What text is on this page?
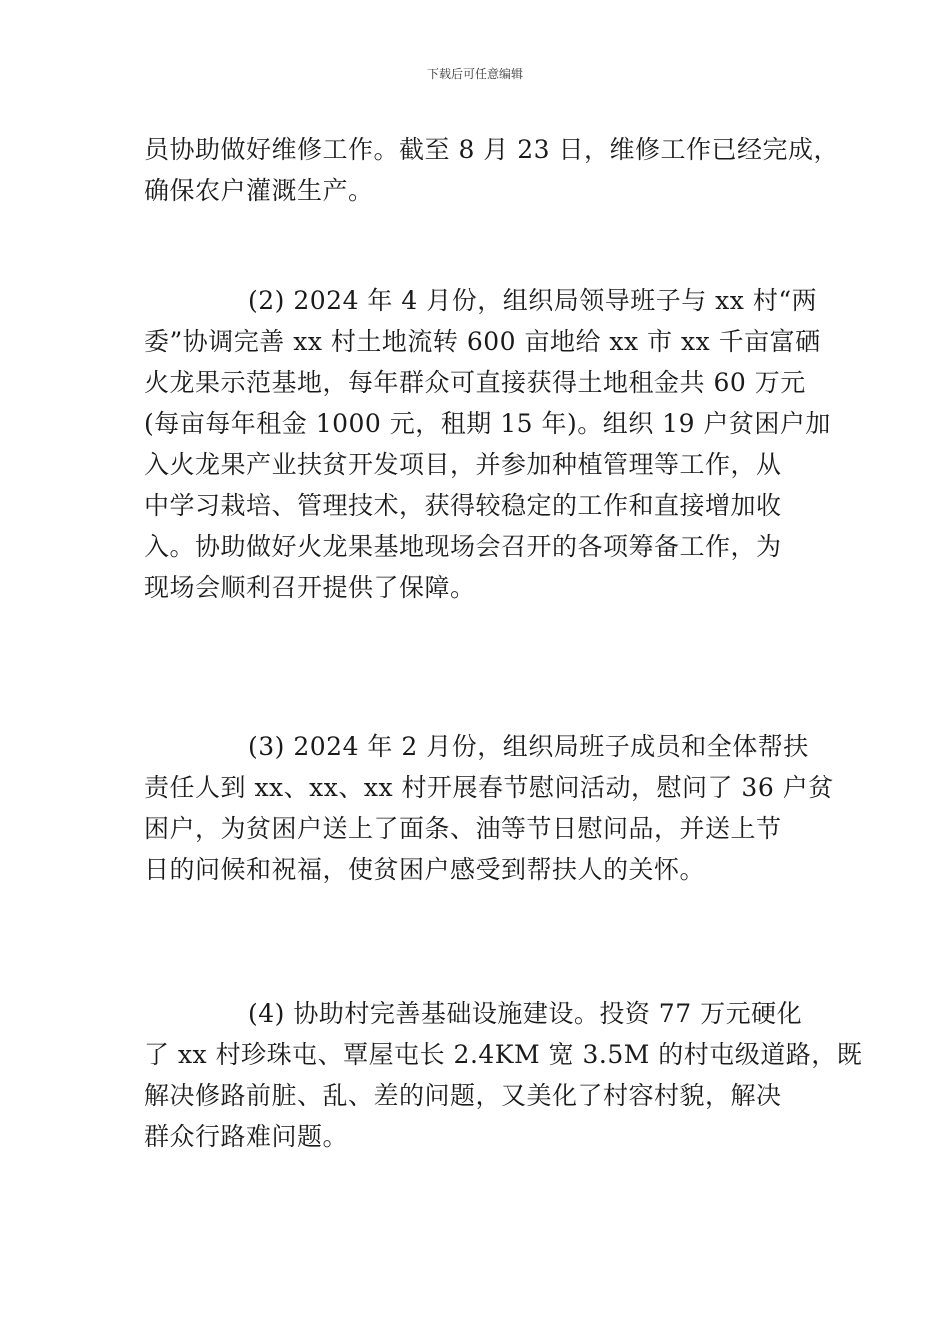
下载后可任意编辑
员协助做好维修工作。截至 8 月 23 日，维修工作已经完成，
确保农户灌溉生产。
(2) 2024 年 4 月份，组织局领导班子与 xx 村“两
委”协调完善 xx 村土地流转 600 亩地给 xx 市 xx 千亩富硒
火龙果示范基地，每年群众可直接获得土地租金共 60 万元
(每亩每年租金 1000 元，租期 15 年)。组织 19 户贫困户加
入火龙果产业扶贫开发项目，并参加种植管理等工作，从
中学习栽培、管理技术，获得较稳定的工作和直接增加收
入。协助做好火龙果基地现场会召开的各项筹备工作，为
现场会顺利召开提供了保障。
(3) 2024 年 2 月份，组织局班子成员和全体帮扶
责任人到 xx、xx、xx 村开展春节慰问活动，慰问了 36 户贫
困户，为贫困户送上了面条、油等节日慰问品，并送上节
日的问候和祝福，使贫困户感受到帮扶人的关怀。
(4) 协助村完善基础设施建设。投资 77 万元硬化
了 xx 村珍珠屯、覃屋屯长 2.4KM 宽 3.5M 的村屯级道路，既
解决修路前脏、乱、差的问题，又美化了村容村貌，解决
群众行路难问题。
